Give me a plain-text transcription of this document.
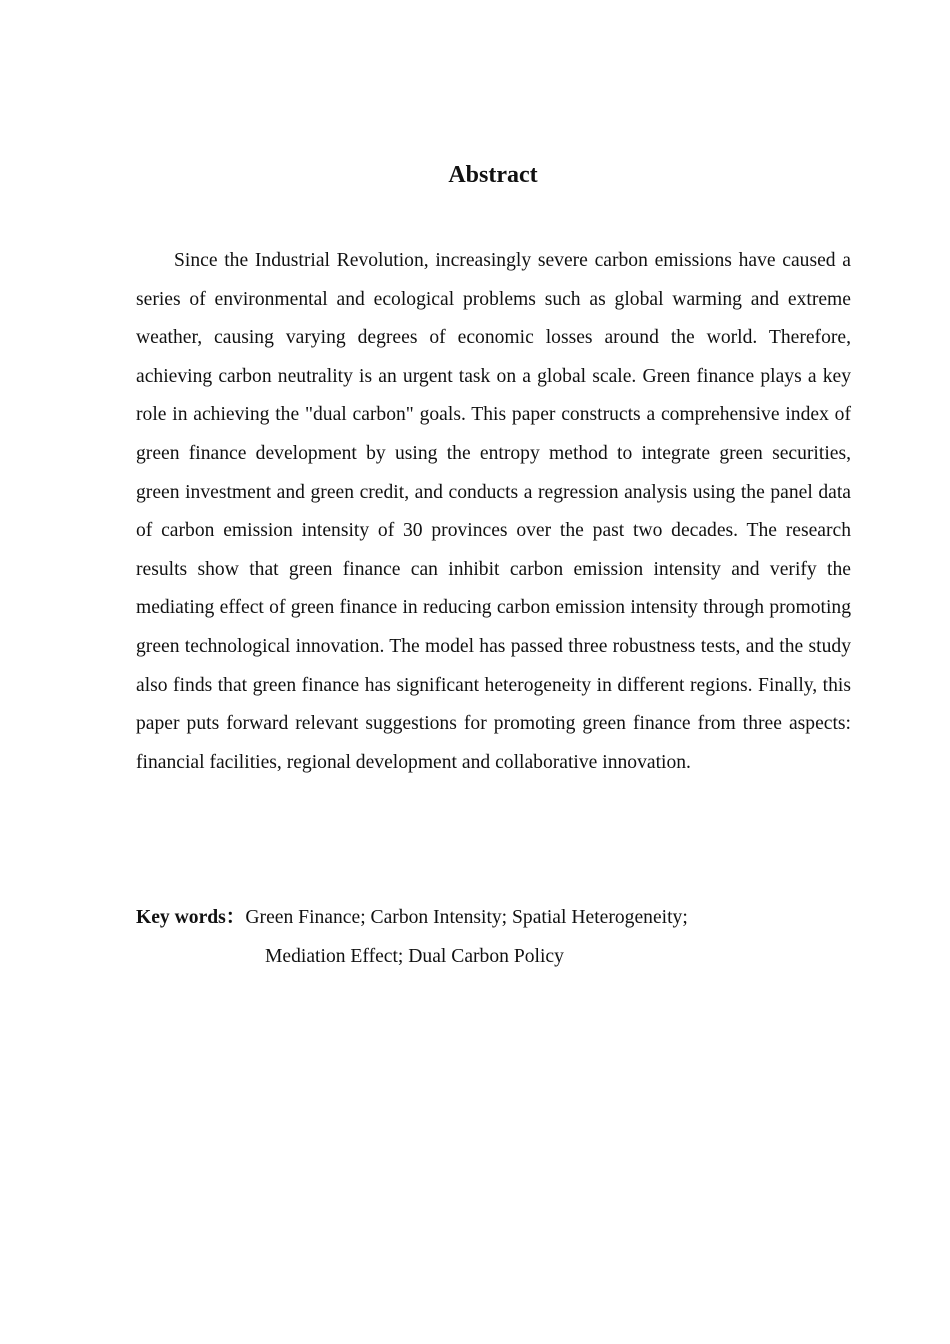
Abstract

Since the Industrial Revolution, increasingly severe carbon emissions have caused a series of environmental and ecological problems such as global warming and extreme weather, causing varying degrees of economic losses around the world. Therefore, achieving carbon neutrality is an urgent task on a global scale. Green finance plays a key role in achieving the "dual carbon" goals. This paper constructs a comprehensive index of green finance development by using the entropy method to integrate green securities, green investment and green credit, and conducts a regression analysis using the panel data of carbon emission intensity of 30 provinces over the past two decades. The research results show that green finance can inhibit carbon emission intensity and verify the mediating effect of green finance in reducing carbon emission intensity through promoting green technological innovation. The model has passed three robustness tests, and the study also finds that green finance has significant heterogeneity in different regions. Finally, this paper puts forward relevant suggestions for promoting green finance from three aspects: financial facilities, regional development and collaborative innovation.

Key words：Green Finance; Carbon Intensity; Spatial Heterogeneity;
Mediation Effect; Dual Carbon Policy
